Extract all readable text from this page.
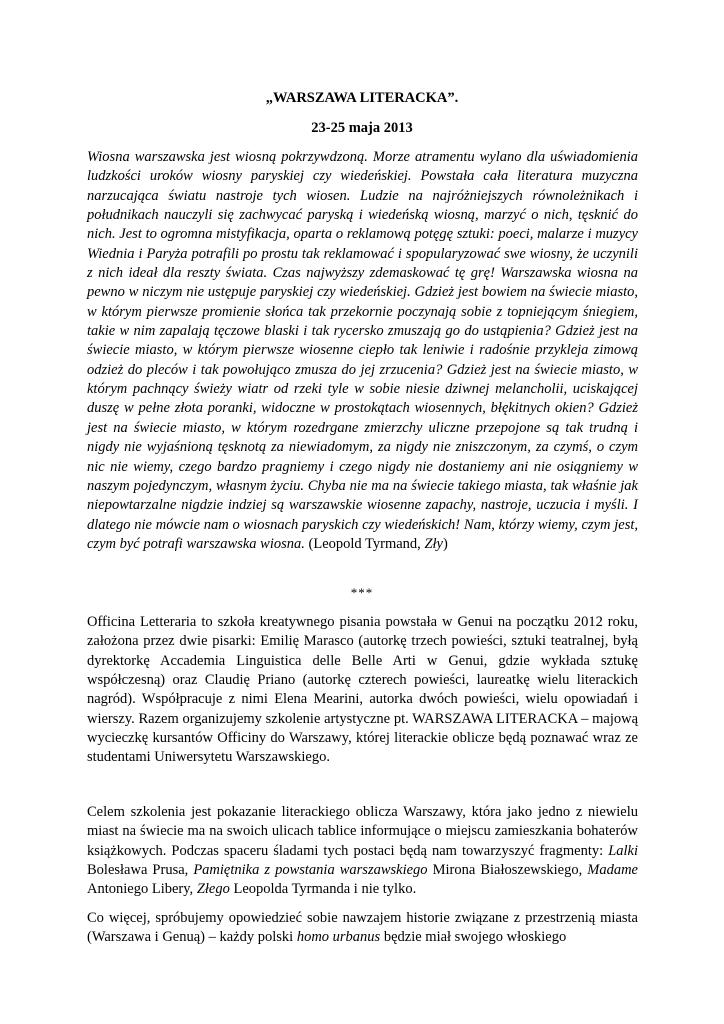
„WARSZAWA LITERACKA”.
23-25 maja 2013

Wiosna warszawska jest wiosną pokrzywdzoną. Morze atramentu wylano dla uświadomienia ludzkości uroków wiosny paryskiej czy wiedeńskiej. Powstała cała literatura muzyczna narzucająca światu nastroje tych wiosen. Ludzie na najróżniejszych równoleżnikach i południkach nauczyli się zachwycać paryską i wiedeńską wiosną, marzyć o nich, tęsknić do nich. Jest to ogromna mistyfikacja, oparta o reklamową potęgę sztuki: poeci, malarze i muzycy Wiednia i Paryża potrafili po prostu tak reklamować i spopularyzować swe wiosny, że uczynili z nich ideał dla reszty świata. Czas najwyższy zdemaskować tę grę! Warszawska wiosna na pewno w niczym nie ustępuje paryskiej czy wiedeńskiej. Gdzież jest bowiem na świecie miasto, w którym pierwsze promienie słońca tak przekornie poczynają sobie z topniejącym śniegiem, takie w nim zapalają tęczowe blaski i tak rycersko zmuszają go do ustąpienia? Gdzież jest na świecie miasto, w którym pierwsze wiosenne ciepło tak leniwie i radośnie przykleja zimową odzież do pleców i tak powołująco zmusza do jej zrzucenia? Gdzież jest na świecie miasto, w którym pachnący świeży wiatr od rzeki tyle w sobie niesie dziwnej melancholii, uciskającej duszę w pełne złota poranki, widoczne w prostokątach wiosennych, błękitnych okien? Gdzież jest na świecie miasto, w którym rozedrgane zmierzchy uliczne przepojone są tak trudną i nigdy nie wyjaśnioną tęsknotą za niewiadomym, za nigdy nie zniszczonym, za czymś, o czym nic nie wiemy, czego bardzo pragniemy i czego nigdy nie dostaniemy ani nie osiągniemy w naszym pojedynczym, własnym życiu. Chyba nie ma na świecie takiego miasta, tak właśnie jak niepowtarzalne nigdzie indziej są warszawskie wiosenne zapachy, nastroje, uczucia i myśli. I dlatego nie mówcie nam o wiosnach paryskich czy wiedeńskich! Nam, którzy wiemy, czym jest, czym być potrafi warszawska wiosna. (Leopold Tyrmand, Zły)

***

Officina Letteraria to szkoła kreatywnego pisania powstała w Genui na początku 2012 roku, założona przez dwie pisarki: Emilię Marasco (autorkę trzech powieści, sztuki teatralnej, byłą dyrektorkę Accademia Linguistica delle Belle Arti w Genui, gdzie wykłada sztukę współczesną) oraz Claudię Priano (autorkę czterech powieści, laureatkę wielu literackich nagród). Współpracuje z nimi Elena Mearini, autorka dwóch powieści, wielu opowiadań i wierszy. Razem organizujemy szkolenie artystyczne pt. WARSZAWA LITERACKA – majową wycieczkę kursantów Officiny do Warszawy, której literackie oblicze będą poznawać wraz ze studentami Uniwersytetu Warszawskiego.

Celem szkolenia jest pokazanie literackiego oblicza Warszawy, która jako jedno z niewielu miast na świecie ma na swoich ulicach tablice informujące o miejscu zamieszkania bohaterów książkowych. Podczas spaceru śladami tych postaci będą nam towarzyszyć fragmenty: Lalki Bolesława Prusa, Pamiętnika z powstania warszawskiego Mirona Białoszewskiego, Madame Antoniego Libery, Złego Leopolda Tyrmanda i nie tylko.

Co więcej, spróbujemy opowiedzieć sobie nawzajem historie związane z przestrzenią miasta (Warszawa i Genuą) – każdy polski homo urbanus będzie miał swojego włoskiego
